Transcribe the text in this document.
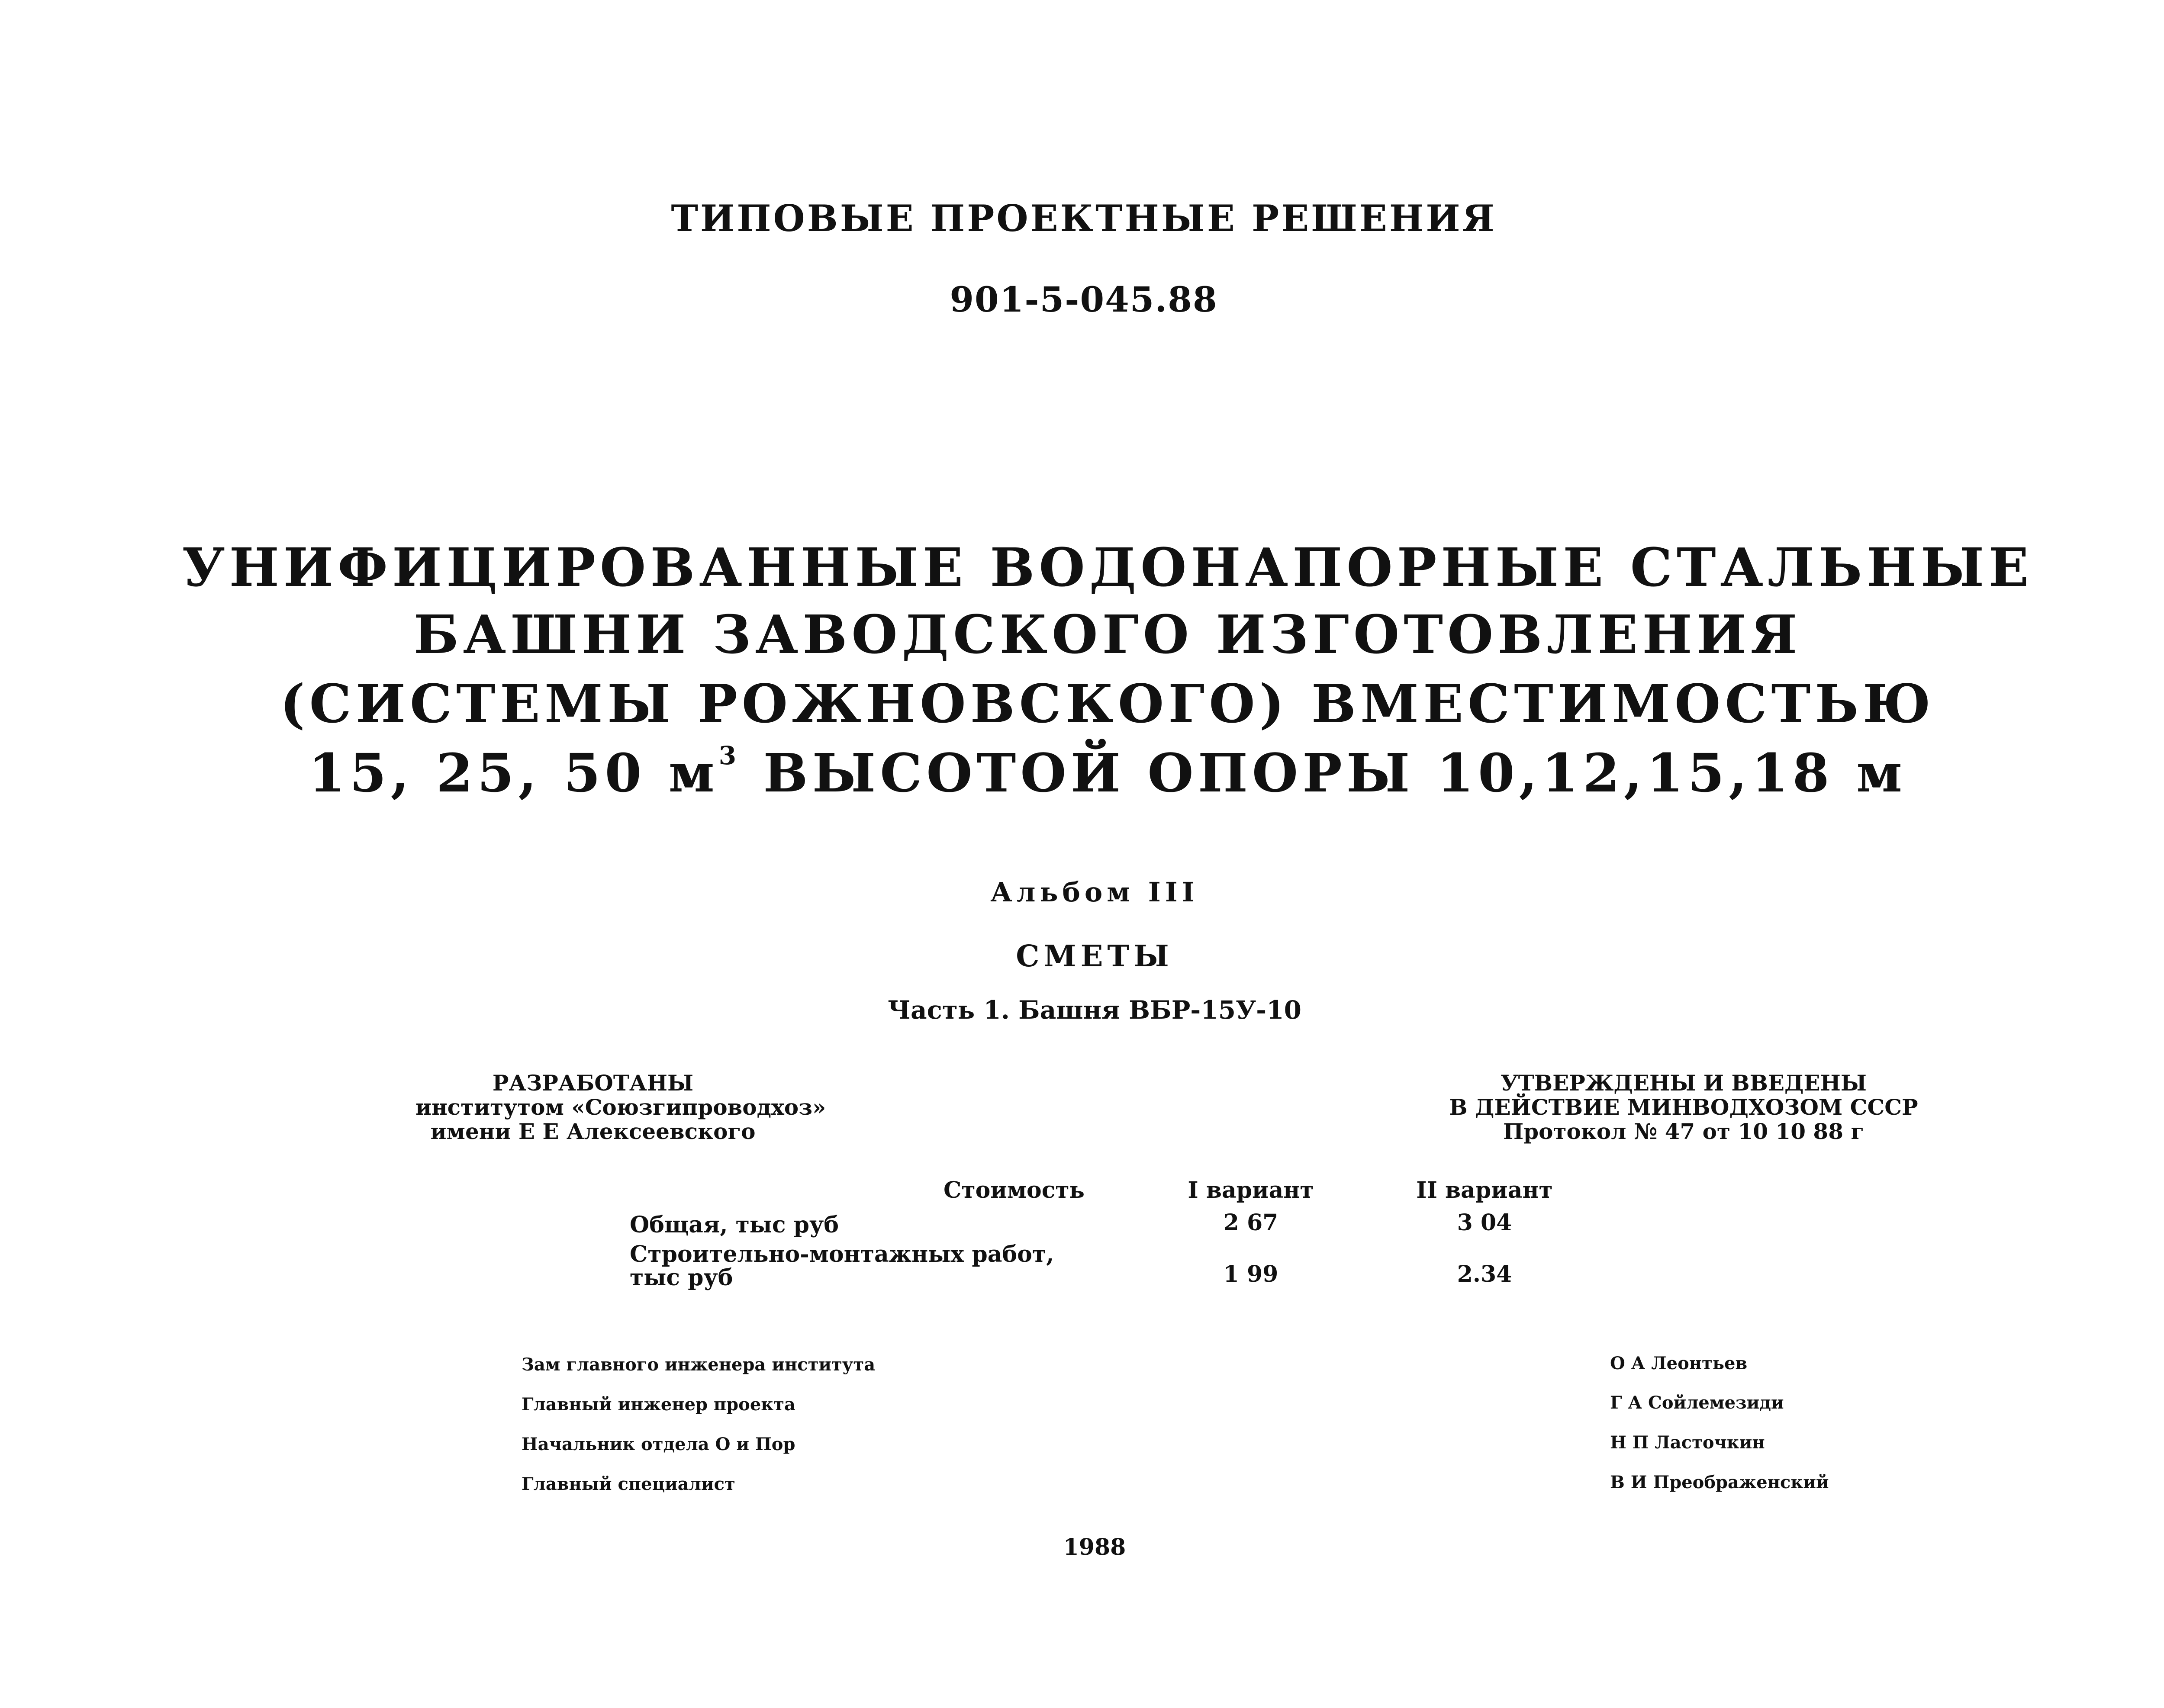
ТИПОВЫЕ ПРОЕКТНЫЕ РЕШЕНИЯ
901-5-045.88
УНИФИЦИРОВАННЫЕ ВОДОНАПОРНЫЕ СТАЛЬНЫЕ
БАШНИ ЗАВОДСКОГО ИЗГОТОВЛЕНИЯ
(СИСТЕМЫ РОЖНОВСКОГО) ВМЕСТИМОСТЬЮ
15, 25, 50 $м^3$ ВЫСОТОЙ ОПОРЫ 10,12,15,18 м
Альбом III
СМЕТЫ
Часть 1. Башня ВБР-15У-10
РАЗРАБОТАНЫ
институтом «Союзгипроводхоз»
имени Е Е Алексеевского
УТВЕРЖДЕНЫ И ВВЕДЕНЫ
В ДЕЙСТВИЕ МИНВОДХОЗОМ СССР
Протокол № 47 от 10 10 88 г
Стоимость	I вариант	II вариант
Общая, тыс руб	2 67	3 04
Строительно-монтажных работ,
тыс руб	1 99	2.34
Зам главного инженера института	О А Леонтьев
Главный инженер проекта	Г А Сойлемезиди
Начальник отдела О и Пор	Н П Ласточкин
Главный специалист	В И Преображенский
1988
